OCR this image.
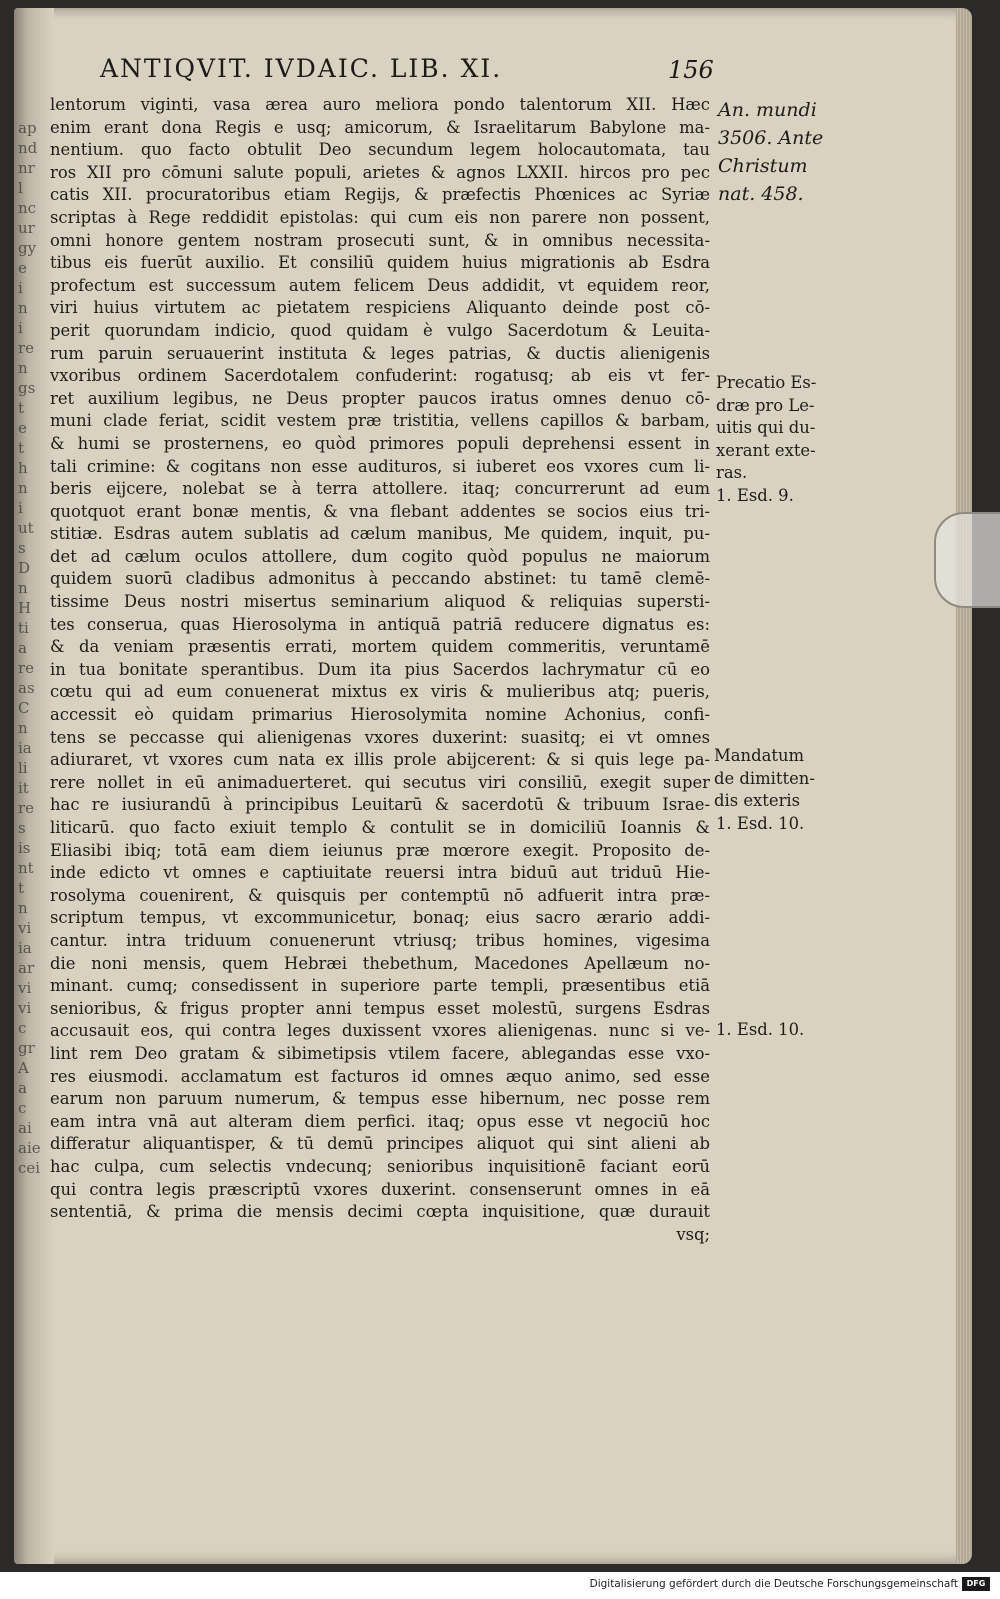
ap
nd
nr
l
nc
ur
gy
e
i
n
i
re
n
gs
t
e
t
h
n
i
ut
s
D
n
H
ti
a
re
as
C
n
ia
li
it
re
s
is
nt
t
n
vi
ia
ar
vi
vi
c
gr
A
a
c
ai
aie
cei
ANTIQVIT. IVDAIC. LIB. XI.	156
lentorum viginti, vasa ærea auro meliora pondo talentorum XII. Hæc
enim erant dona Regis e usq; amicorum, & Israelitarum Babylone ma-
nentium. quo facto obtulit Deo secundum legem holocautomata, tau
ros XII pro cōmuni salute populi, arietes & agnos LXXII. hircos pro pec
catis XII. procuratoribus etiam Regijs, & præfectis Phœnices ac Syriæ
scriptas à Rege reddidit epistolas: qui cum eis non parere non possent,
omni honore gentem nostram prosecuti sunt, & in omnibus necessita-
tibus eis fuerūt auxilio. Et consiliū quidem huius migrationis ab Esdra
profectum est successum autem felicem Deus addidit, vt equidem reor,
viri huius virtutem ac pietatem respiciens Aliquanto deinde post cō-
perit quorundam indicio, quod quidam è vulgo Sacerdotum & Leuita-
rum paruin seruauerint instituta & leges patrias, & ductis alienigenis
vxoribus ordinem Sacerdotalem confuderint: rogatusq; ab eis vt fer-
ret auxilium legibus, ne Deus propter paucos iratus omnes denuo cō-
muni clade feriat, scidit vestem præ tristitia, vellens capillos & barbam,
& humi se prosternens, eo quòd primores populi deprehensi essent in
tali crimine: & cogitans non esse audituros, si iuberet eos vxores cum li-
beris eijcere, nolebat se à terra attollere. itaq; concurrerunt ad eum
quotquot erant bonæ mentis, & vna flebant addentes se socios eius tri-
stitiæ. Esdras autem sublatis ad cælum manibus, Me quidem, inquit, pu-
det ad cælum oculos attollere, dum cogito quòd populus ne maiorum
quidem suorū cladibus admonitus à peccando abstinet: tu tamē clemē-
tissime Deus nostri misertus seminarium aliquod & reliquias supersti-
tes conserua, quas Hierosolyma in antiquā patriā reducere dignatus es:
& da veniam præsentis errati, mortem quidem commeritis, veruntamē
in tua bonitate sperantibus. Dum ita pius Sacerdos lachrymatur cū eo
cœtu qui ad eum conuenerat mixtus ex viris & mulieribus atq; pueris,
accessit eò quidam primarius Hierosolymita nomine Achonius, confi-
tens se peccasse qui alienigenas vxores duxerint: suasitq; ei vt omnes
adiuraret, vt vxores cum nata ex illis prole abijcerent: & si quis lege pa-
rere nollet in eū animaduerteret. qui secutus viri consiliū, exegit super
hac re iusiurandū à principibus Leuitarū & sacerdotū & tribuum Israe-
liticarū. quo facto exiuit templo & contulit se in domiciliū Ioannis &
Eliasibi ibiq; totā eam diem ieiunus præ mœrore exegit. Proposito de-
inde edicto vt omnes e captiuitate reuersi intra biduū aut triduū Hie-
rosolyma couenirent, & quisquis per contemptū nō adfuerit intra præ-
scriptum tempus, vt excommunicetur, bonaq; eius sacro ærario addi-
cantur. intra triduum conuenerunt vtriusq; tribus homines, vigesima
die noni mensis, quem Hebræi thebethum, Macedones Apellæum no-
minant. cumq; consedissent in superiore parte templi, præsentibus etiā
senioribus, & frigus propter anni tempus esset molestū, surgens Esdras
accusauit eos, qui contra leges duxissent vxores alienigenas. nunc si ve-
lint rem Deo gratam & sibimetipsis vtilem facere, ablegandas esse vxo-
res eiusmodi. acclamatum est facturos id omnes æquo animo, sed esse
earum non paruum numerum, & tempus esse hibernum, nec posse rem
eam intra vnā aut alteram diem perfici. itaq; opus esse vt negociū hoc
differatur aliquantisper, & tū demū principes aliquot qui sint alieni ab
hac culpa, cum selectis vndecunq; senioribus inquisitionē faciant eorū
qui contra legis præscriptū vxores duxerint. consenserunt omnes in eā
sententiā, & prima die mensis decimi cœpta inquisitione, quæ durauit
vsq;
An. mundi
3506. Ante
Christum
nat. 458.
Precatio Es-
dræ pro Le-
uitis qui du-
xerant exte-
ras.
1. Esd. 9.
Mandatum
de dimitten-
dis exteris
1. Esd. 10.
1. Esd. 10.
Digitalisierung gefördert durch die Deutsche Forschungsgemeinschaft	DFG
